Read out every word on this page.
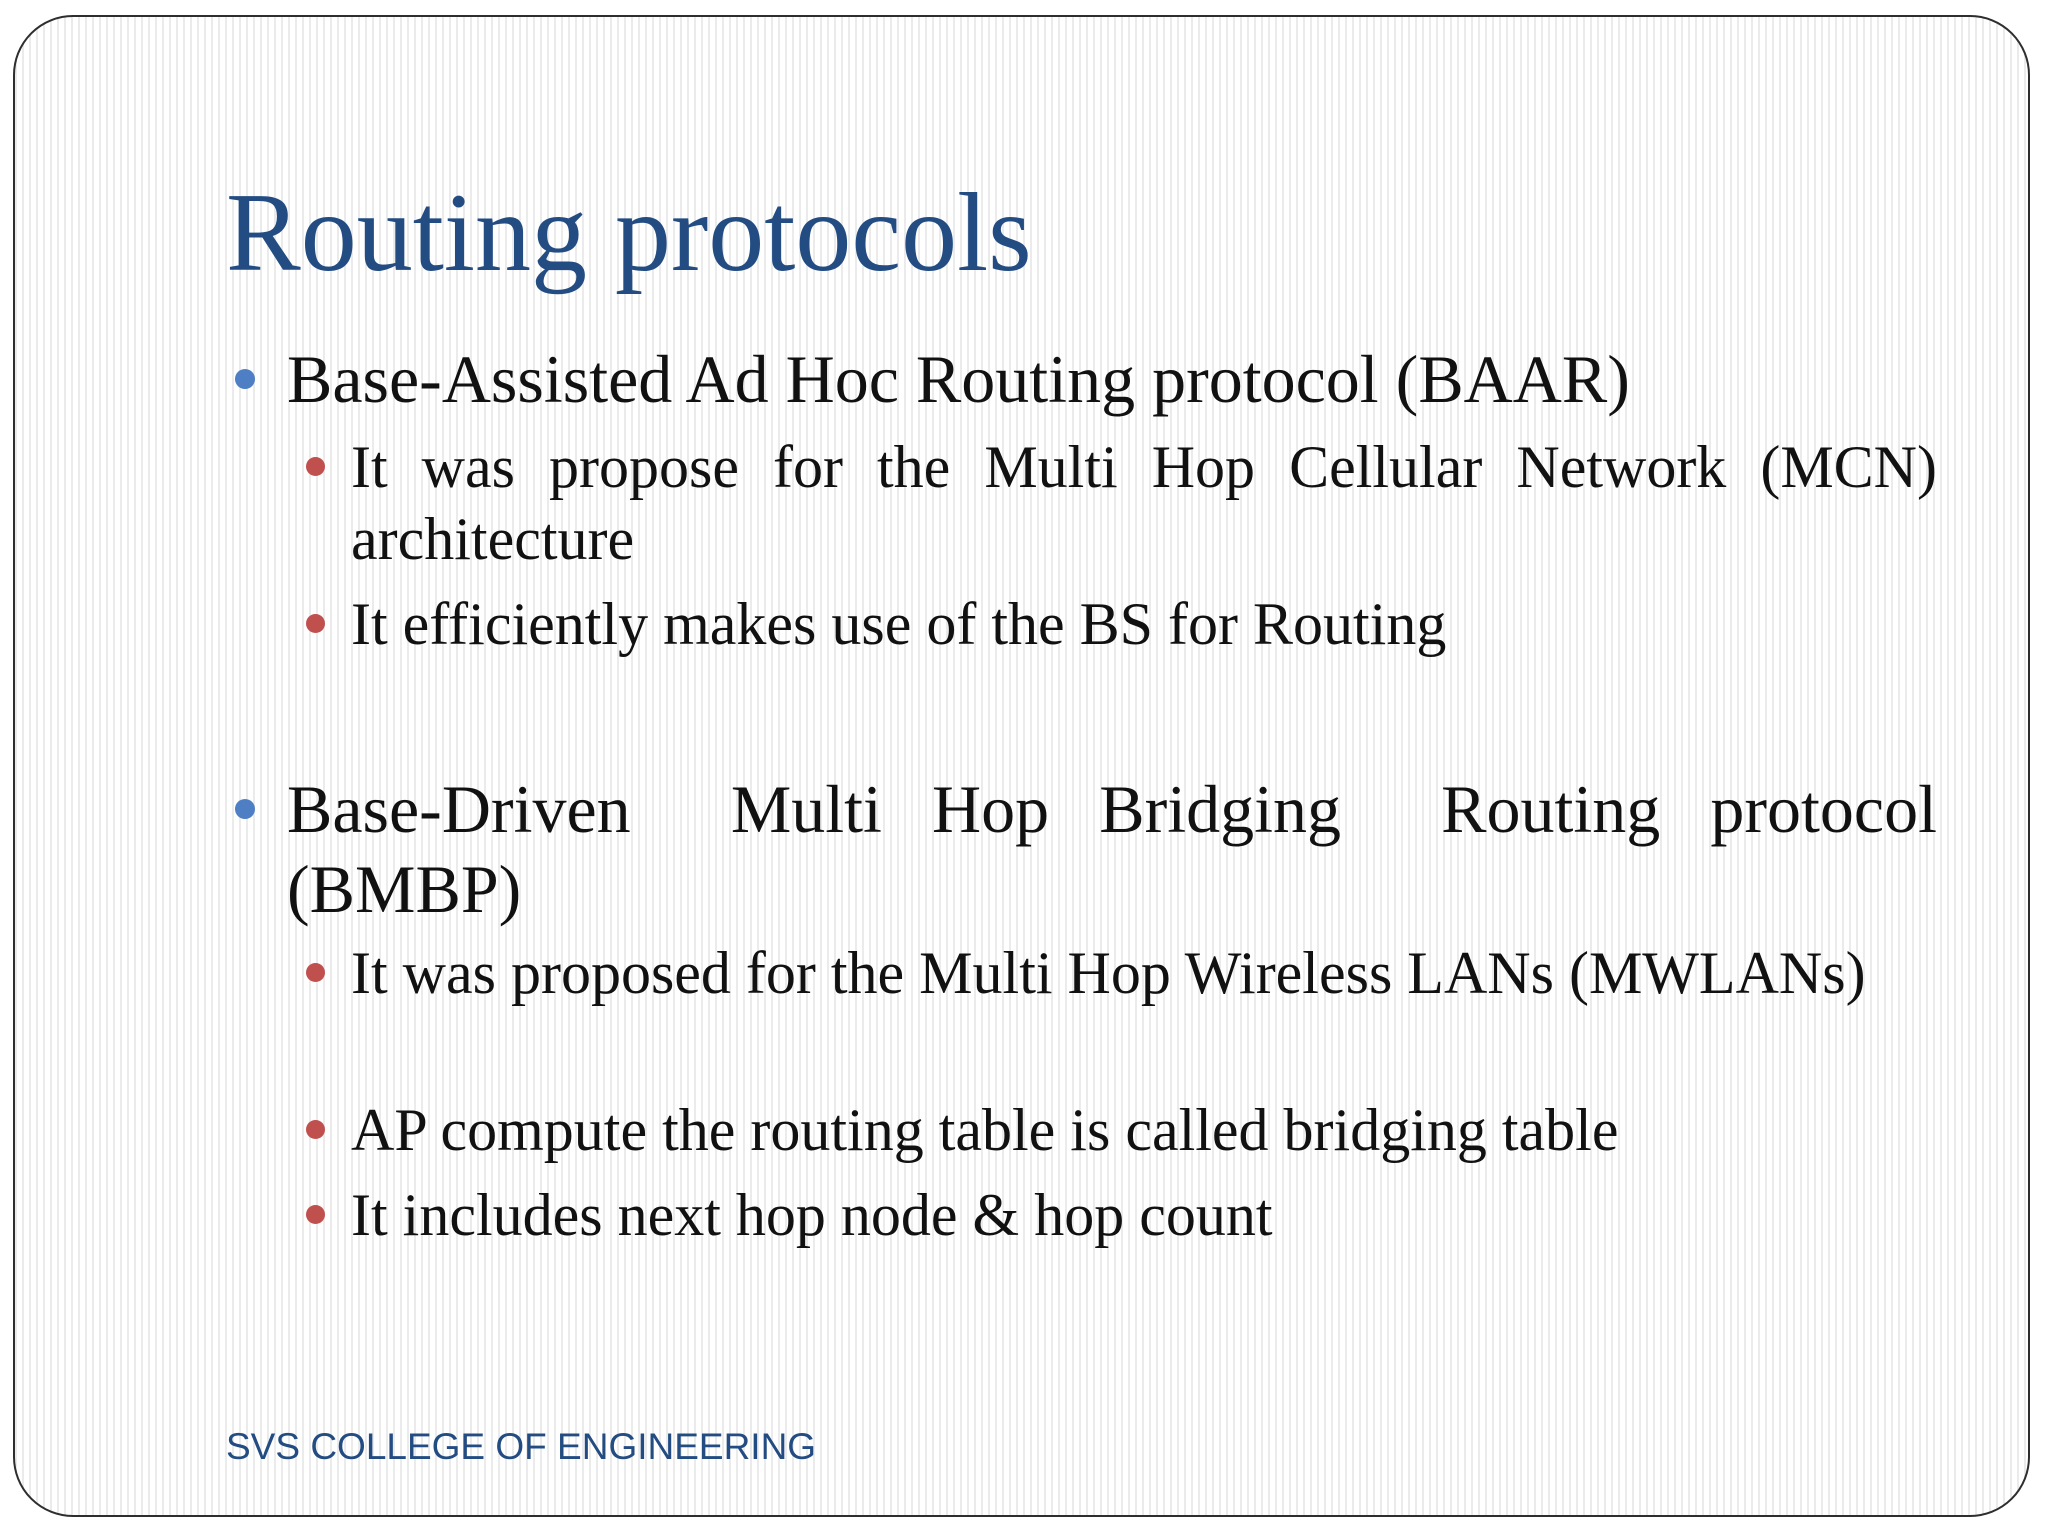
Routing protocols
Base-Assisted Ad Hoc Routing protocol (BAAR)
It was propose for the Multi Hop Cellular Network (MCN) architecture
It efficiently makes use of the BS for Routing
Base-Driven  Multi Hop Bridging  Routing protocol (BMBP)
It was proposed for the Multi Hop Wireless LANs (MWLANs)
AP compute the routing table is called bridging table
It includes next hop node & hop count
SVS COLLEGE OF ENGINEERING
